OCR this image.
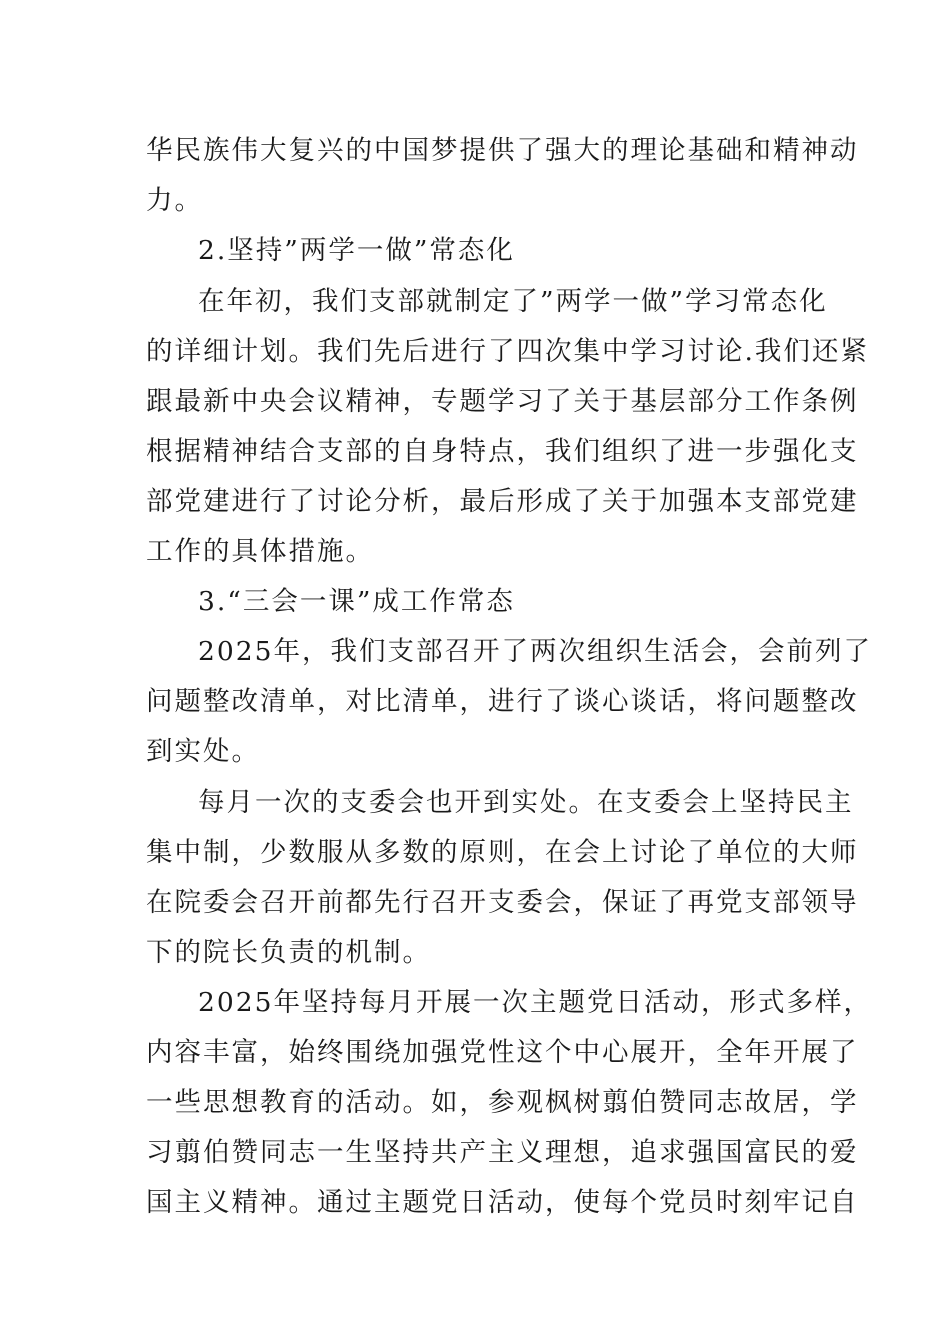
华民族伟大复兴的中国梦提供了强大的理论基础和精神动
力。
2.坚持”两学一做”常态化
在年初，我们支部就制定了”两学一做”学习常态化
的详细计划。我们先后进行了四次集中学习讨论.我们还紧
跟最新中央会议精神，专题学习了关于基层部分工作条例
根据精神结合支部的自身特点，我们组织了进一步强化支
部党建进行了讨论分析，最后形成了关于加强本支部党建
工作的具体措施。
3.“三会一课”成工作常态
2025年，我们支部召开了两次组织生活会，会前列了
问题整改清单，对比清单，进行了谈心谈话，将问题整改
到实处。
每月一次的支委会也开到实处。在支委会上坚持民主
集中制，少数服从多数的原则，在会上讨论了单位的大师
在院委会召开前都先行召开支委会，保证了再党支部领导
下的院长负责的机制。
2025年坚持每月开展一次主题党日活动，形式多样，
内容丰富，始终围绕加强党性这个中心展开，全年开展了
一些思想教育的活动。如，参观枫树翦伯赞同志故居，学
习翦伯赞同志一生坚持共产主义理想，追求强国富民的爱
国主义精神。通过主题党日活动，使每个党员时刻牢记自
